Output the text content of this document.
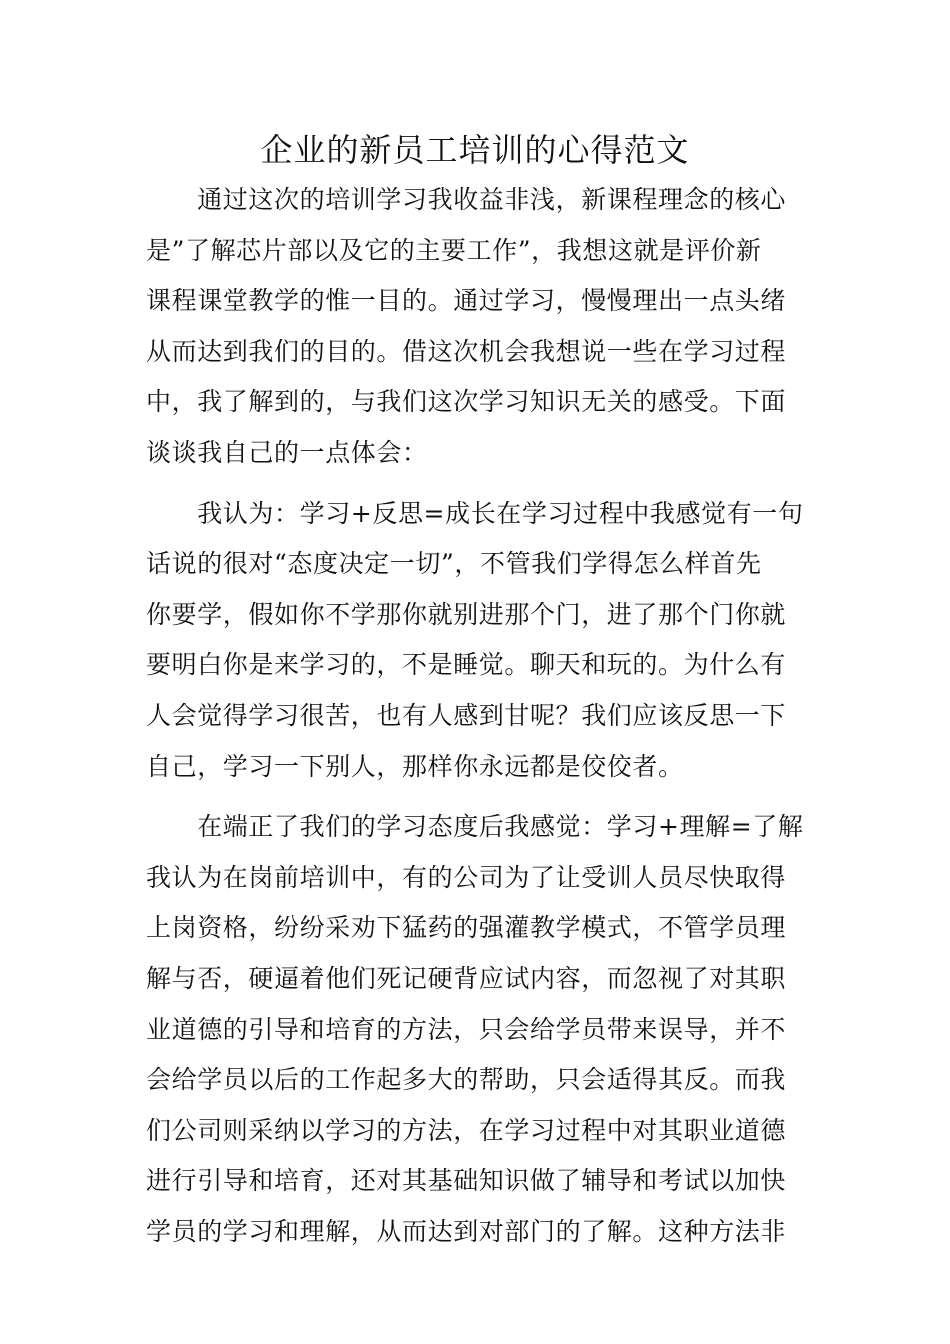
企业的新员工培训的心得范文
　　通过这次的培训学习我收益非浅，新课程理念的核心
是”了解芯片部以及它的主要工作”，我想这就是评价新
课程课堂教学的惟一目的。通过学习，慢慢理出一点头绪
从而达到我们的目的。借这次机会我想说一些在学习过程
中，我了解到的，与我们这次学习知识无关的感受。下面
谈谈我自己的一点体会：
　　我认为：学习+反思=成长在学习过程中我感觉有一句
话说的很对“态度决定一切”，不管我们学得怎么样首先
你要学，假如你不学那你就别进那个门，进了那个门你就
要明白你是来学习的，不是睡觉。聊天和玩的。为什么有
人会觉得学习很苦，也有人感到甘呢？我们应该反思一下
自己，学习一下别人，那样你永远都是佼佼者。
　　在端正了我们的学习态度后我感觉：学习+理解=了解
我认为在岗前培训中，有的公司为了让受训人员尽快取得
上岗资格，纷纷采劝下猛药的强灌教学模式，不管学员理
解与否，硬逼着他们死记硬背应试内容，而忽视了对其职
业道德的引导和培育的方法，只会给学员带来误导，并不
会给学员以后的工作起多大的帮助，只会适得其反。而我
们公司则采纳以学习的方法，在学习过程中对其职业道德
进行引导和培育，还对其基础知识做了辅导和考试以加快
学员的学习和理解，从而达到对部门的了解。这种方法非
